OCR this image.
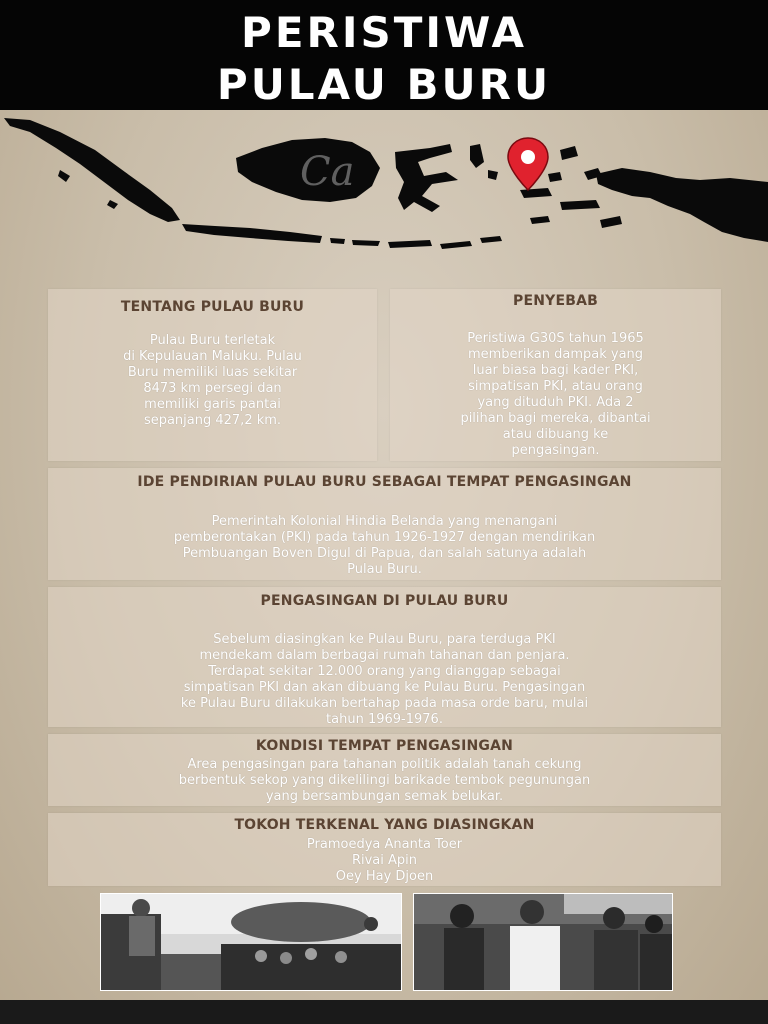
PERISTIWA
PULAU BURU
Ca
TENTANG PULAU BURU
Pulau Buru terletak
di Kepulauan Maluku. Pulau
Buru memiliki luas sekitar
8473 km persegi dan
memiliki garis pantai
sepanjang 427,2 km.
PENYEBAB
Peristiwa G30S tahun 1965
memberikan dampak yang
luar biasa bagi kader PKI,
simpatisan PKI, atau orang
yang dituduh PKI. Ada 2
pilihan bagi mereka, dibantai
atau dibuang ke
pengasingan.
IDE PENDIRIAN PULAU BURU SEBAGAI TEMPAT PENGASINGAN
Pemerintah Kolonial Hindia Belanda yang menangani
pemberontakan (PKI) pada tahun 1926-1927 dengan mendirikan
Pembuangan Boven Digul di Papua, dan salah satunya adalah
Pulau Buru.
PENGASINGAN DI PULAU BURU
Sebelum diasingkan ke Pulau Buru, para terduga PKI
mendekam dalam berbagai rumah tahanan dan penjara.
Terdapat sekitar 12.000 orang yang dianggap sebagai
simpatisan PKI dan akan dibuang ke Pulau Buru. Pengasingan
ke Pulau Buru dilakukan bertahap pada masa orde baru, mulai
tahun 1969-1976.
KONDISI TEMPAT PENGASINGAN
Area pengasingan para tahanan politik adalah tanah cekung
berbentuk sekop yang dikelilingi barikade tembok pegunungan
yang bersambungan semak belukar.
TOKOH TERKENAL YANG DIASINGKAN
Pramoedya Ananta Toer
Rivai Apin
Oey Hay Djoen
